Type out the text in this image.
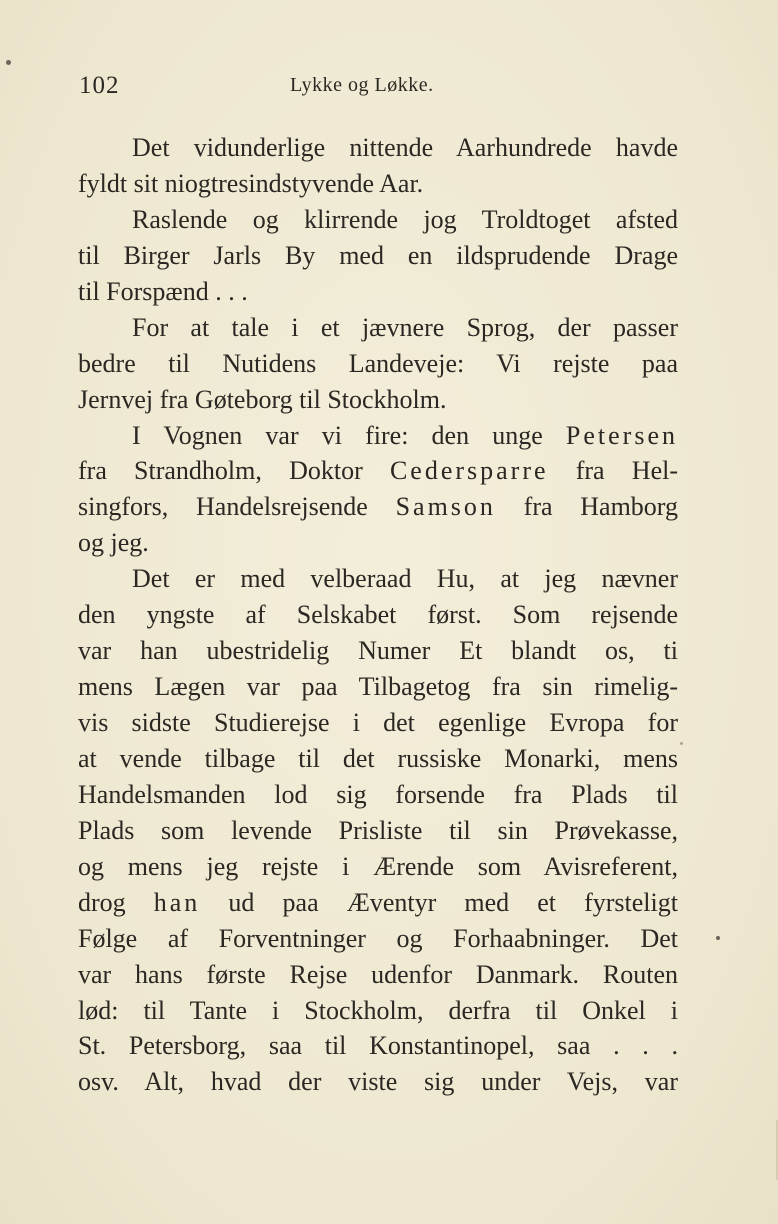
102	Lykke og Løkke.
Det vidunderlige nittende Aarhundrede havde
fyldt sit niogtresindstyvende Aar.
Raslende og klirrende jog Troldtoget afsted
til Birger Jarls By med en ildsprudende Drage
til Forspænd . . .
For at tale i et jævnere Sprog, der passer
bedre til Nutidens Landeveje: Vi rejste paa
Jernvej fra Gøteborg til Stockholm.
I Vognen var vi fire: den unge Petersen
fra Strandholm, Doktor Cedersparre fra Hel-
singfors, Handelsrejsende Samson fra Hamborg
og jeg.
Det er med velberaad Hu, at jeg nævner
den yngste af Selskabet først. Som rejsende
var han ubestridelig Numer Et blandt os, ti
mens Lægen var paa Tilbagetog fra sin rimelig-
vis sidste Studierejse i det egenlige Evropa for
at vende tilbage til det russiske Monarki, mens
Handelsmanden lod sig forsende fra Plads til
Plads som levende Prisliste til sin Prøvekasse,
og mens jeg rejste i Ærende som Avisreferent,
drog han ud paa Æventyr med et fyrsteligt
Følge af Forventninger og Forhaabninger. Det
var hans første Rejse udenfor Danmark. Routen
lød: til Tante i Stockholm, derfra til Onkel i
St. Petersborg, saa til Konstantinopel, saa . . .
osv. Alt, hvad der viste sig under Vejs, var
